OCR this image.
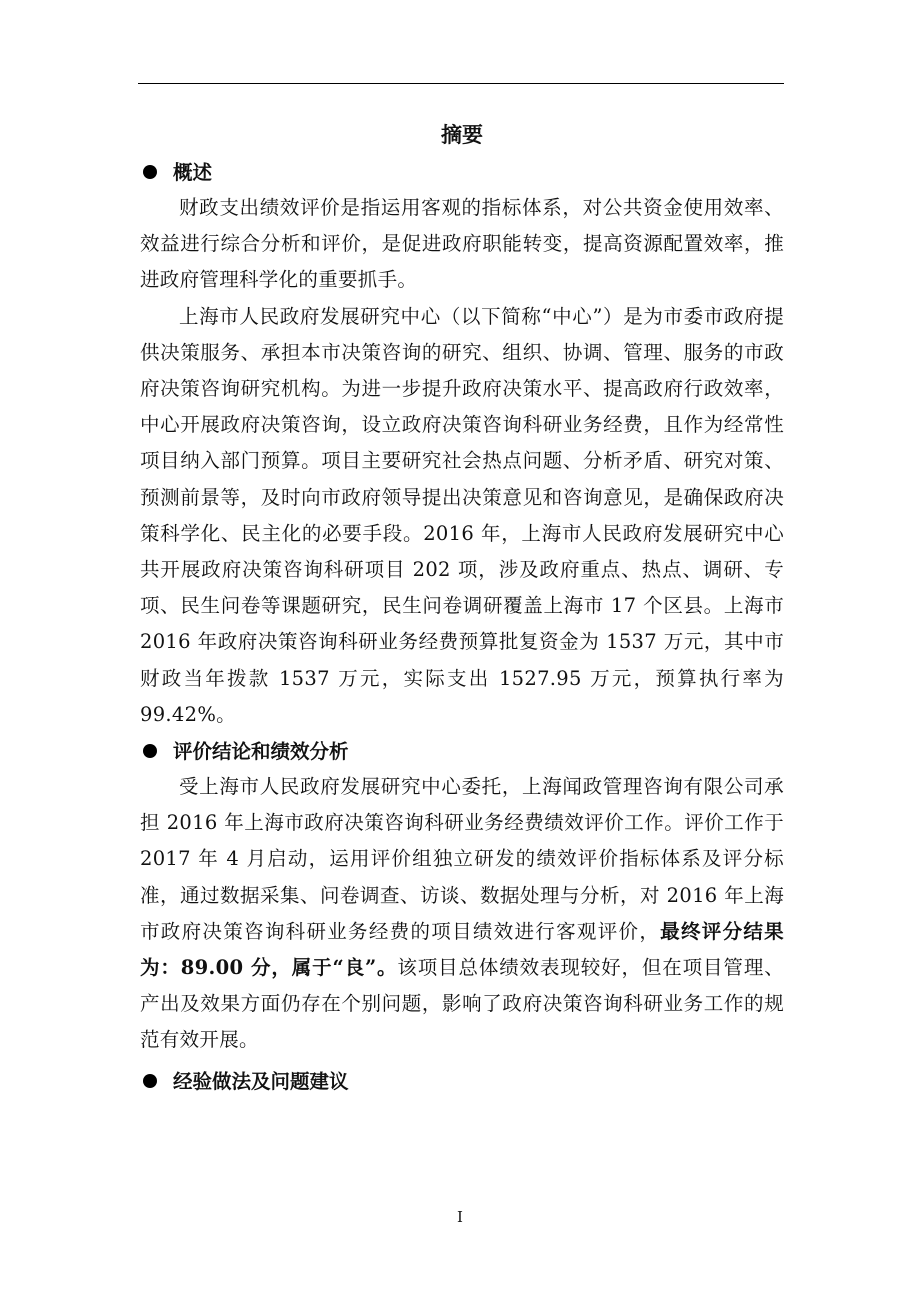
摘要
概述

财政支出绩效评价是指运用客观的指标体系，对公共资金使用效率、效益进行综合分析和评价，是促进政府职能转变，提高资源配置效率，推进政府管理科学化的重要抓手。

上海市人民政府发展研究中心（以下简称“中心”）是为市委市政府提供决策服务、承担本市决策咨询的研究、组织、协调、管理、服务的市政府决策咨询研究机构。为进一步提升政府决策水平、提高政府行政效率，中心开展政府决策咨询，设立政府决策咨询科研业务经费，且作为经常性项目纳入部门预算。项目主要研究社会热点问题、分析矛盾、研究对策、预测前景等，及时向市政府领导提出决策意见和咨询意见，是确保政府决策科学化、民主化的必要手段。2016 年，上海市人民政府发展研究中心共开展政府决策咨询科研项目 202 项，涉及政府重点、热点、调研、专项、民生问卷等课题研究，民生问卷调研覆盖上海市 17 个区县。上海市 2016 年政府决策咨询科研业务经费预算批复资金为 1537 万元，其中市财政当年拨款 1537 万元，实际支出 1527.95 万元，预算执行率为 99.42%。

评价结论和绩效分析

受上海市人民政府发展研究中心委托，上海闻政管理咨询有限公司承担 2016 年上海市政府决策咨询科研业务经费绩效评价工作。评价工作于 2017 年 4 月启动，运用评价组独立研发的绩效评价指标体系及评分标准，通过数据采集、问卷调查、访谈、数据处理与分析，对 2016 年上海市政府决策咨询科研业务经费的项目绩效进行客观评价，最终评分结果为：89.00 分，属于“良”。该项目总体绩效表现较好，但在项目管理、产出及效果方面仍存在个别问题，影响了政府决策咨询科研业务工作的规范有效开展。

经验做法及问题建议
I
